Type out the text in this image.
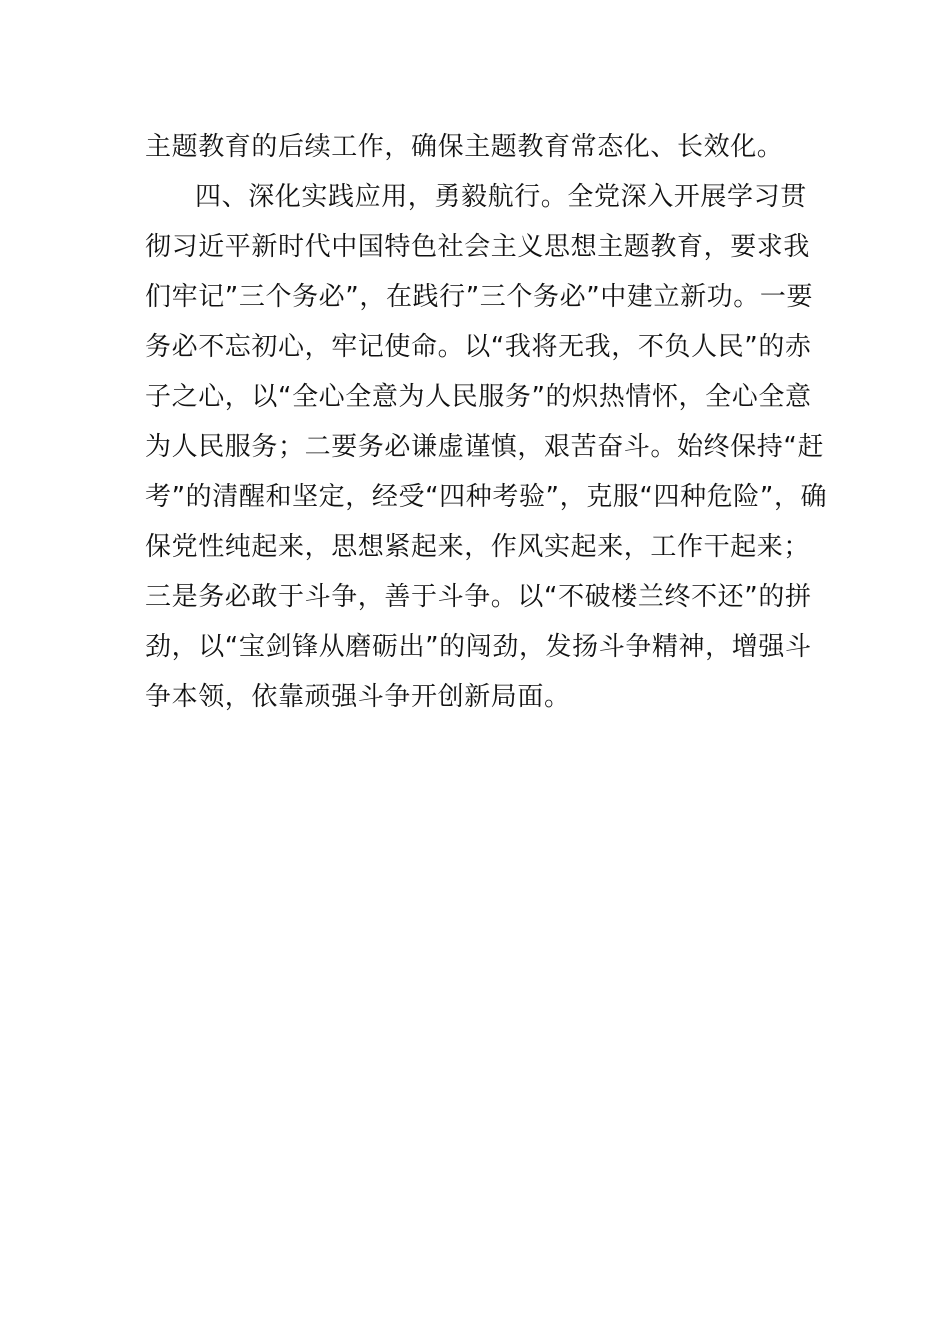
主题教育的后续工作，确保主题教育常态化、长效化。
四、深化实践应用，勇毅航行。全党深入开展学习贯
彻习近平新时代中国特色社会主义思想主题教育，要求我
们牢记”三个务必”，在践行”三个务必”中建立新功。一要
务必不忘初心，牢记使命。以“我将无我，不负人民”的赤
子之心，以“全心全意为人民服务”的炽热情怀，全心全意
为人民服务；二要务必谦虚谨慎，艰苦奋斗。始终保持“赶
考”的清醒和坚定，经受“四种考验”，克服“四种危险”，确
保党性纯起来，思想紧起来，作风实起来，工作干起来；
三是务必敢于斗争，善于斗争。以“不破楼兰终不还”的拼
劲，以“宝剑锋从磨砺出”的闯劲，发扬斗争精神，增强斗
争本领，依靠顽强斗争开创新局面。
